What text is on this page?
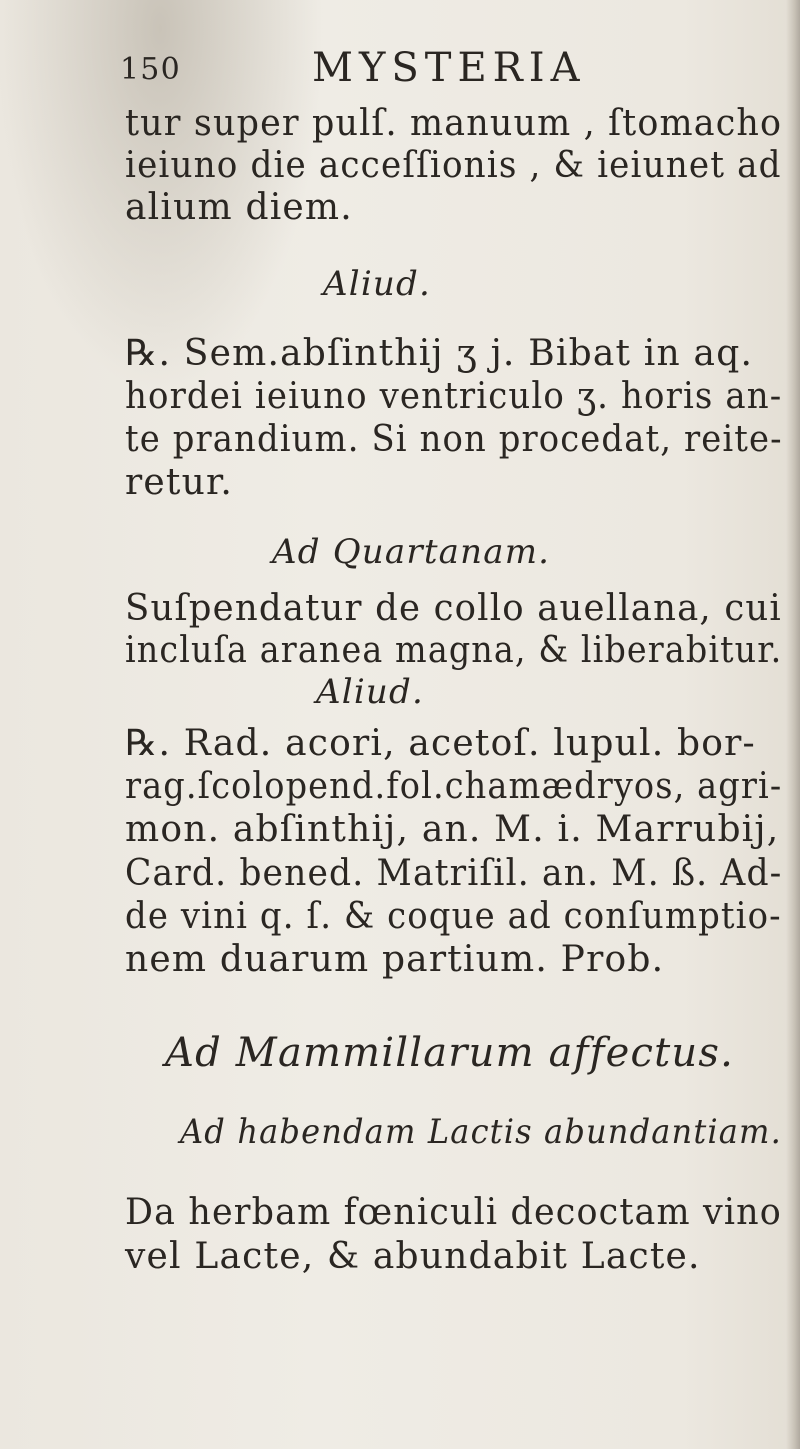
150	MYSTERIA
tur super pulſ. manuum , ſtomacho
ieiuno die acceſſionis , & ieiunet ad
alium diem.
Aliud.
℞. Sem.abſinthij ʒ j. Bibat in aq.
hordei ieiuno ventriculo ʒ. horis an-
te prandium. Si non procedat, reite-
retur.
Ad Quartanam.
Suſpendatur de collo auellana, cui
incluſa aranea magna, & liberabitur.
Aliud.
℞. Rad. acori, acetoſ. lupul. bor-
rag.ſcolopend.fol.chamædryos, agri-
mon. abſinthij, an. M. i. Marrubij,
Card. bened. Matriſil. an. M. ß. Ad-
de vini q. ſ. & coque ad conſumptio-
nem duarum partium. Prob.
Ad Mammillarum affectus.
Ad habendam Lactis abundantiam.
Da herbam fœniculi decoctam vino
vel Lacte, & abundabit Lacte.
